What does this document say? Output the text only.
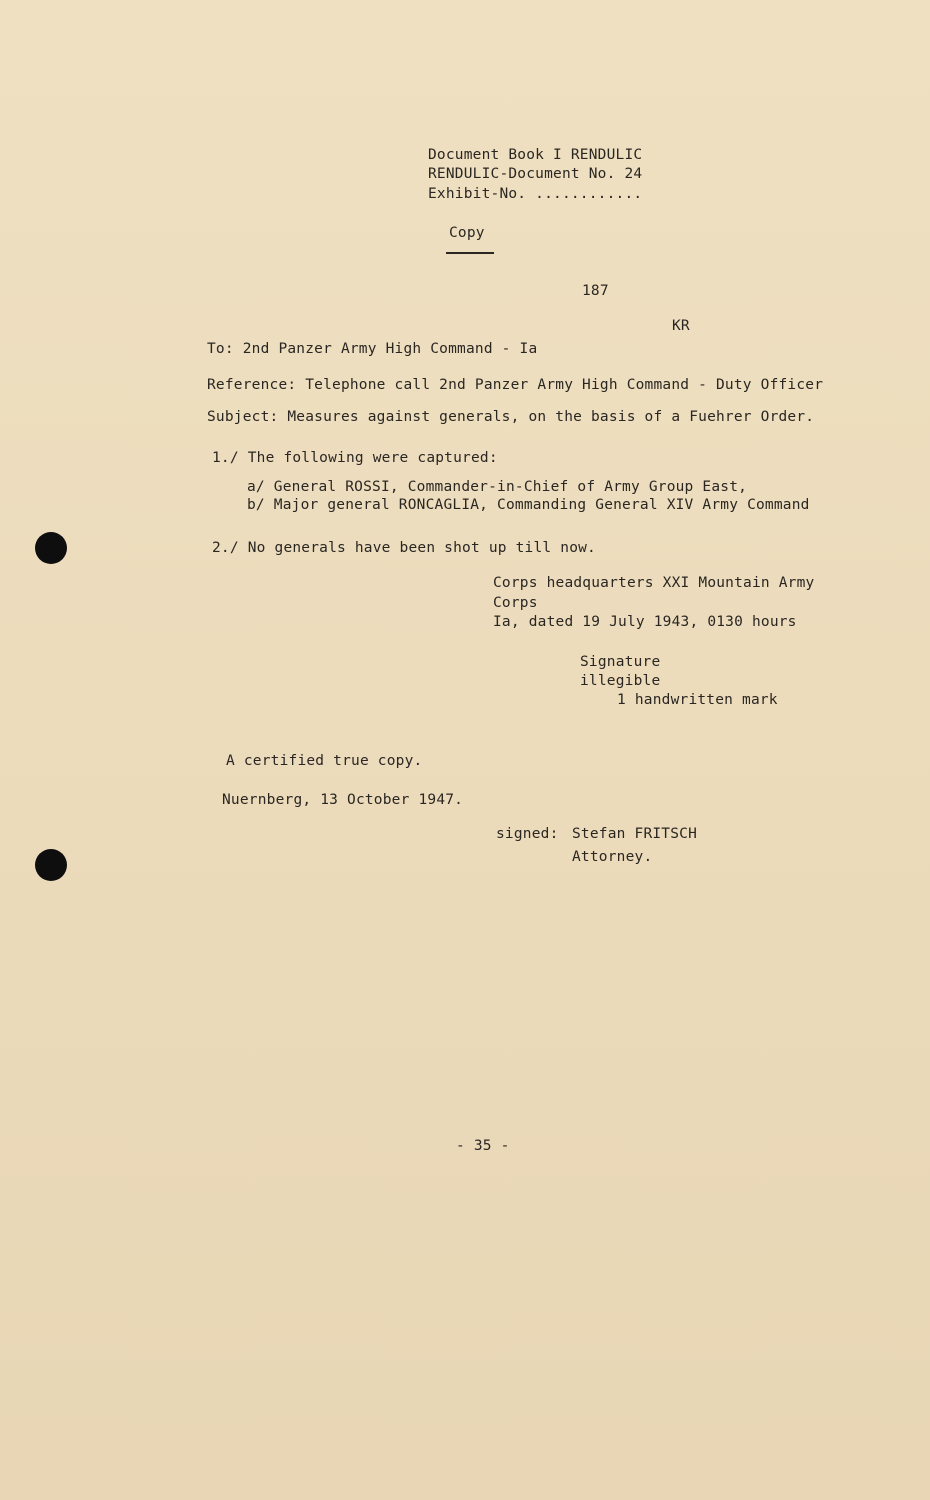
Document Book I RENDULIC
RENDULIC-Document No. 24
Exhibit-No. ............
Copy
187
KR
To: 2nd Panzer Army High Command - Ia
Reference: Telephone call 2nd Panzer Army High Command - Duty Officer
Subject: Measures against generals, on the basis of a Fuehrer Order.
1./ The following were captured:
a/ General ROSSI, Commander-in-Chief of Army Group East,
b/ Major general RONCAGLIA, Commanding General XIV Army Command
2./ No generals have been shot up till now.
Corps headquarters XXI Mountain Army
Corps
Ia, dated 19 July 1943, 0130 hours
Signature
illegible
1 handwritten mark
A certified true copy.
Nuernberg, 13 October 1947.
signed: Stefan FRITSCH
Attorney.
- 35 -
